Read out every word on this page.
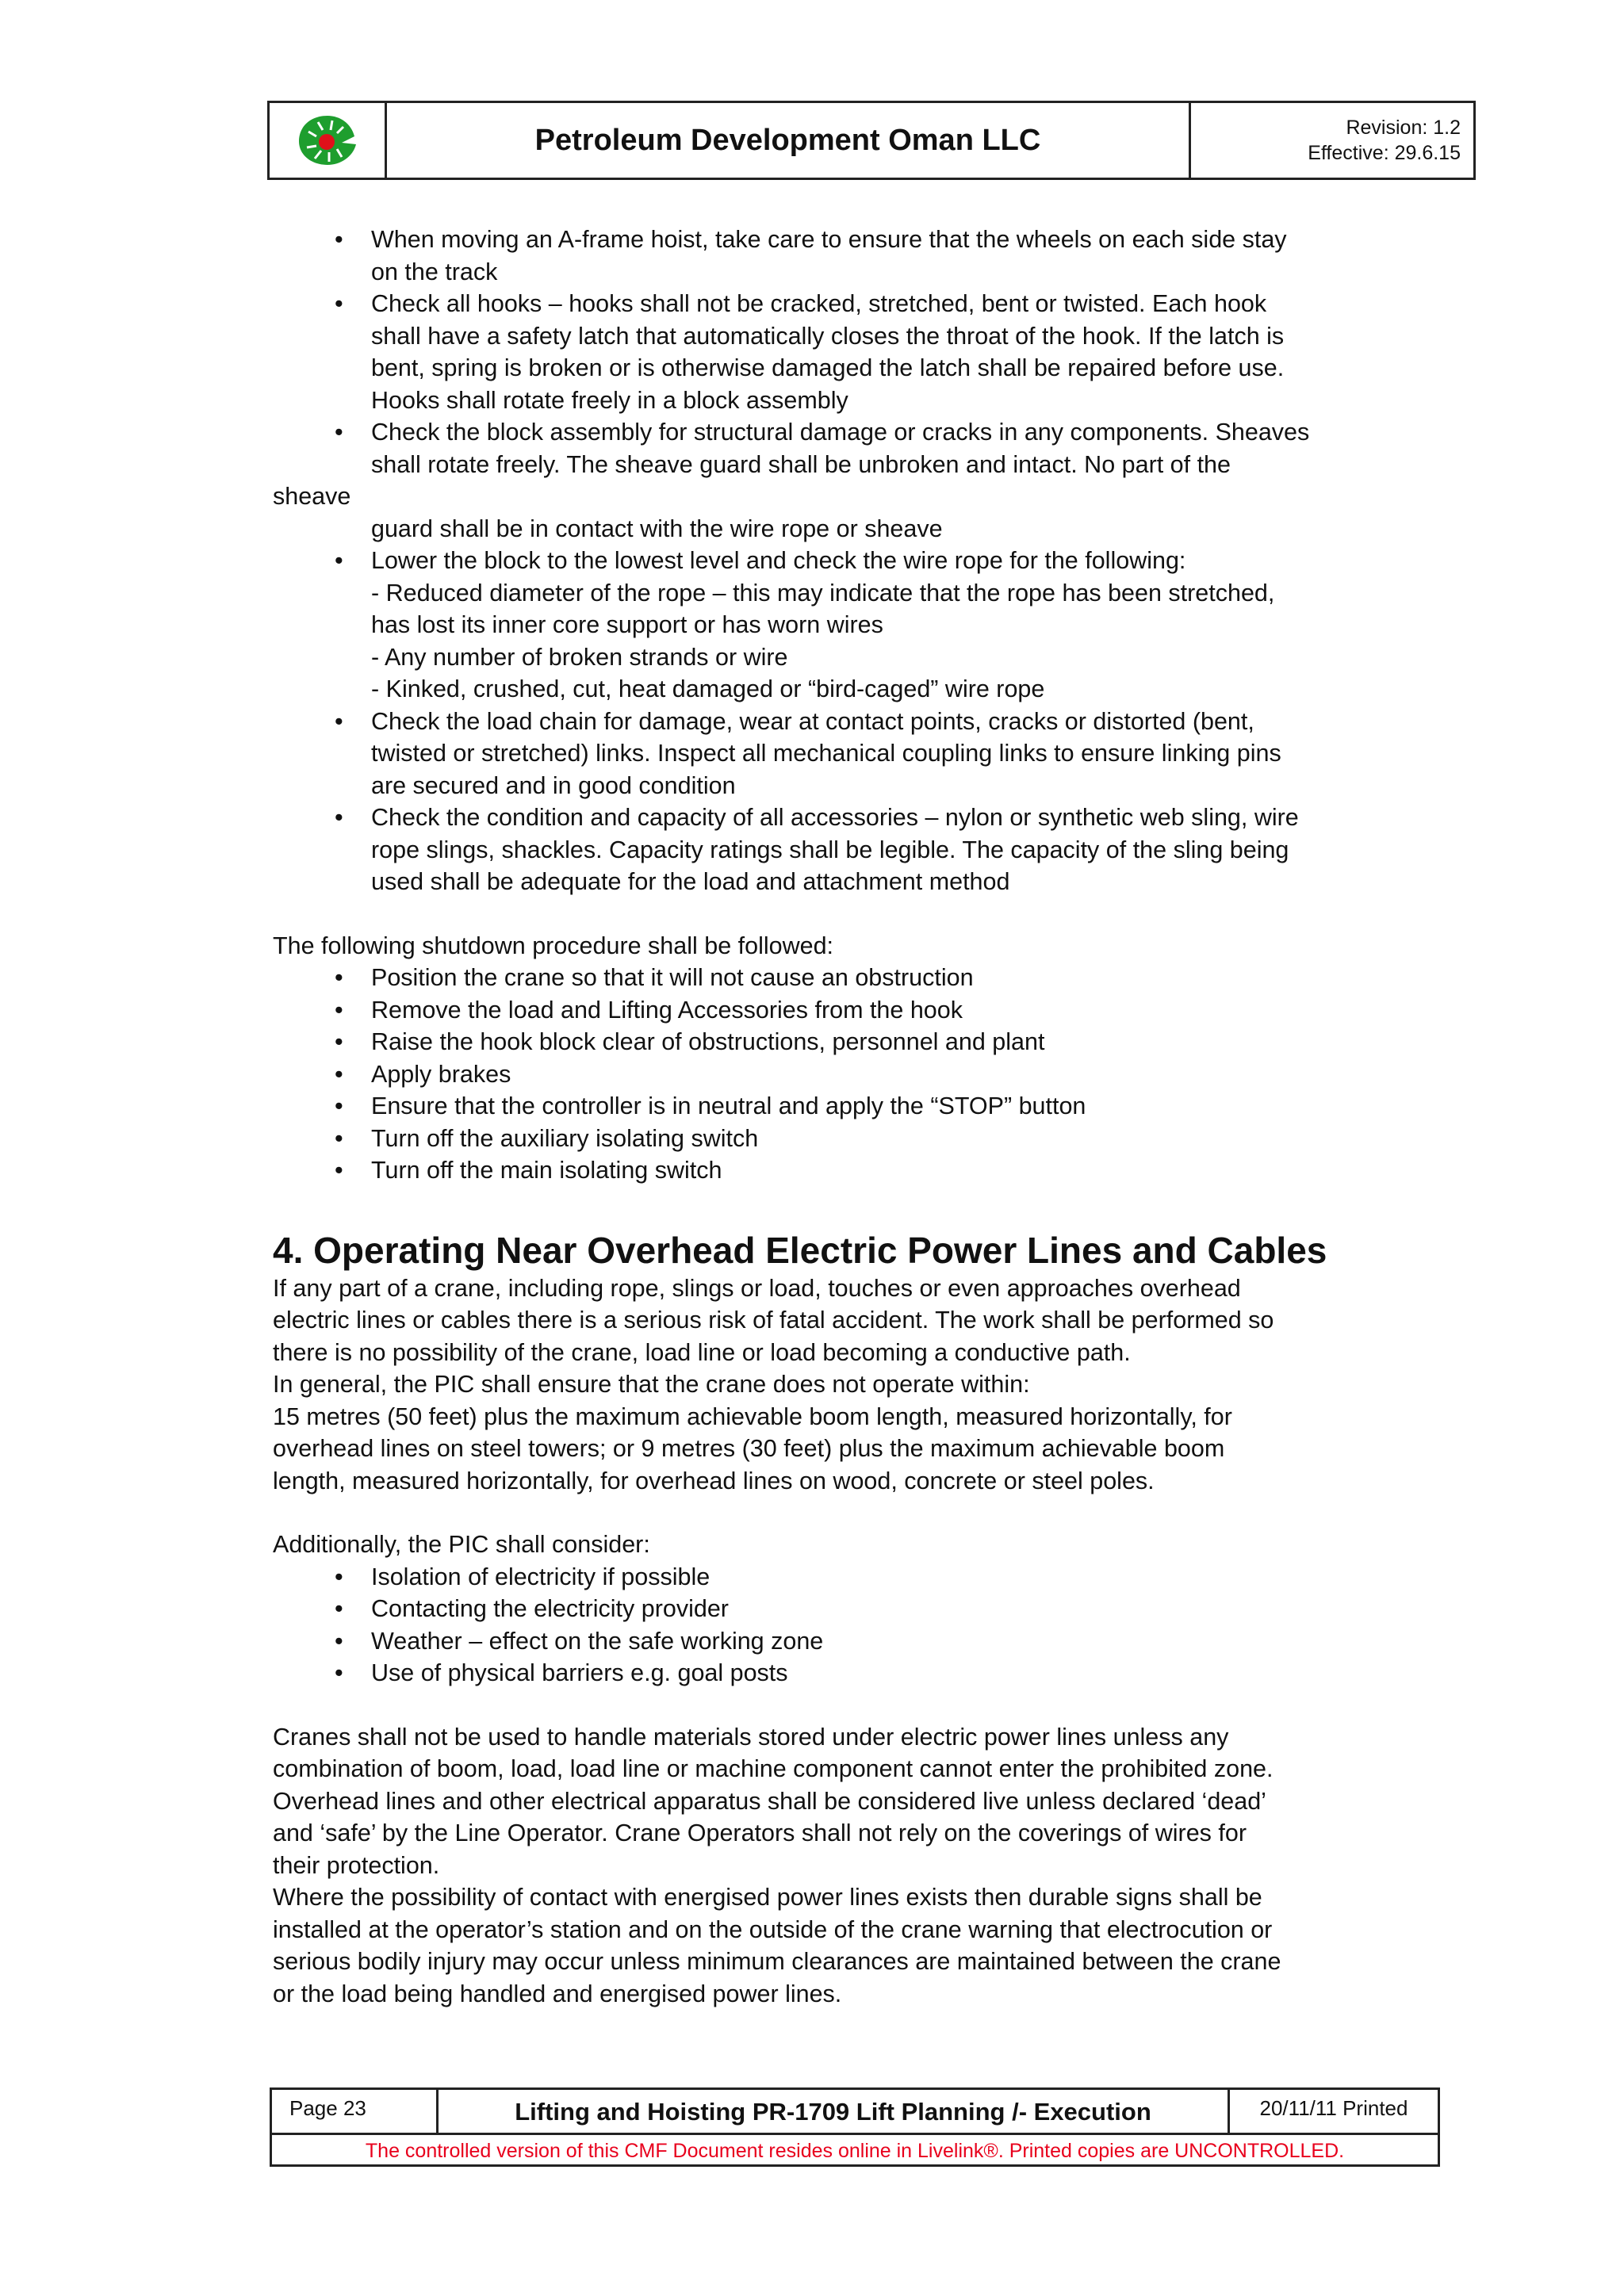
Petroleum Development Oman LLC	Revision: 1.2
Effective: 29.6.15
• When moving an A-frame hoist, take care to ensure that the wheels on each side stay
on the track
• Check all hooks – hooks shall not be cracked, stretched, bent or twisted. Each hook
shall have a safety latch that automatically closes the throat of the hook. If the latch is
bent, spring is broken or is otherwise damaged the latch shall be repaired before use.
Hooks shall rotate freely in a block assembly
• Check the block assembly for structural damage or cracks in any components. Sheaves
shall rotate freely. The sheave guard shall be unbroken and intact. No part of the
sheave
guard shall be in contact with the wire rope or sheave
• Lower the block to the lowest level and check the wire rope for the following:
- Reduced diameter of the rope – this may indicate that the rope has been stretched,
has lost its inner core support or has worn wires
- Any number of broken strands or wire
- Kinked, crushed, cut, heat damaged or “bird-caged” wire rope
• Check the load chain for damage, wear at contact points, cracks or distorted (bent,
twisted or stretched) links. Inspect all mechanical coupling links to ensure linking pins
are secured and in good condition
• Check the condition and capacity of all accessories – nylon or synthetic web sling, wire
rope slings, shackles. Capacity ratings shall be legible. The capacity of the sling being
used shall be adequate for the load and attachment method
The following shutdown procedure shall be followed:
• Position the crane so that it will not cause an obstruction
• Remove the load and Lifting Accessories from the hook
• Raise the hook block clear of obstructions, personnel and plant
• Apply brakes
• Ensure that the controller is in neutral and apply the “STOP” button
• Turn off the auxiliary isolating switch
• Turn off the main isolating switch
4. Operating Near Overhead Electric Power Lines and Cables
If any part of a crane, including rope, slings or load, touches or even approaches overhead
electric lines or cables there is a serious risk of fatal accident. The work shall be performed so
there is no possibility of the crane, load line or load becoming a conductive path.
In general, the PIC shall ensure that the crane does not operate within:
15 metres (50 feet) plus the maximum achievable boom length, measured horizontally, for
overhead lines on steel towers; or 9 metres (30 feet) plus the maximum achievable boom
length, measured horizontally, for overhead lines on wood, concrete or steel poles.
Additionally, the PIC shall consider:
• Isolation of electricity if possible
• Contacting the electricity provider
• Weather – effect on the safe working zone
• Use of physical barriers e.g. goal posts
Cranes shall not be used to handle materials stored under electric power lines unless any
combination of boom, load, load line or machine component cannot enter the prohibited zone.
Overhead lines and other electrical apparatus shall be considered live unless declared ‘dead’
and ‘safe’ by the Line Operator. Crane Operators shall not rely on the coverings of wires for
their protection.
Where the possibility of contact with energised power lines exists then durable signs shall be
installed at the operator’s station and on the outside of the crane warning that electrocution or
serious bodily injury may occur unless minimum clearances are maintained between the crane
or the load being handled and energised power lines.
Page 23	Lifting and Hoisting PR-1709 Lift Planning /- Execution	20/11/11 Printed
The controlled version of this CMF Document resides online in Livelink®. Printed copies are UNCONTROLLED.
